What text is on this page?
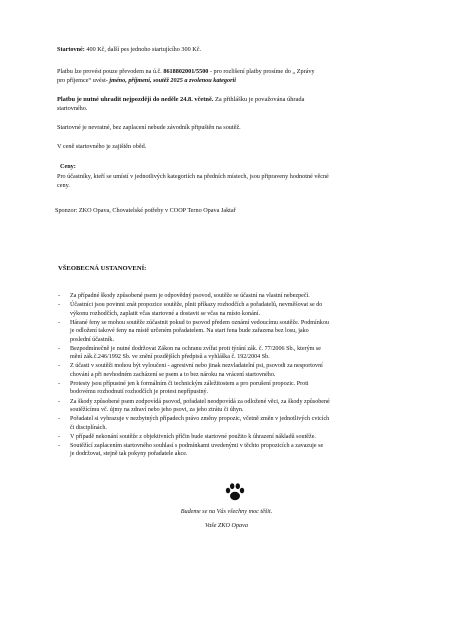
Startovné: 400 Kč, další pes jednoho startujícího 300 Kč.
Platbu lze provést pouze převodem na ú.č. 8618802001/5500 - pro rozlišení platby prosíme do „ Zprávy
pro příjemce“ uvést- jméno, příjmení, soutěž 2025 a zvolenou kategorii
Platbu je nutné uhradit nejpozději do neděle 24.8. včetně. Za přihlášku je považována úhrada
startovného.
Startovné je nevratné, bez zaplacení nebude závodník připuštěn na soutěž.
V ceně startovného je zajištěn oběd.
Ceny:
Pro účastníky, kteří se umístí v jednotlivých kategoriích na předních místech, jsou připraveny hodnotné věcné
ceny.
Sponzor: ZKO Opava, Chovatelské potřeby v COOP Terno Opava Jaktař
VŠEOBECNÁ USTANOVENÍ:
- Za případné škody způsobené psem je odpovědný psovod, soutěže se účastní na vlastní nebezpečí.
- Účastníci jsou povinni znát propozice soutěže, plnit příkazy rozhodčích a pořadatelů, nevměšovat se do
výkonu rozhodčích, zaplatit včas startovné a dostavit se včas na místo konání.
- Hárané feny se mohou soutěže zúčastnit pokud to psovod předem oznámí vedoucímu soutěže. Podmínkou
je odložení takové feny na místě určeném pořadatelem. Na start fena bude zařazena bez losu, jako
poslední účastník.
- Bezpodmínečně je nutné dodržovat Zákon na ochranu zvířat proti týrání zák. č. 77/2006 Sb., kterým se
mění zák.č.246/1992 Sb. ve znění pozdějších předpisů a vyhláška č. 192/2004 Sb.
- Z účasti v soutěži mohou být vyloučeni - agresivní nebo jinak nezvladatelní psi, psovodi za nesportovní
chování a při nevhodném zacházení se psem a to bez nároku na vrácení startovného.
- Protesty jsou přípustné jen k formálním či technickým záležitostem a pro porušení propozic. Proti
bodovému rozhodnutí rozhodčích je protest nepřípustný.
- Za škody způsobené psem zodpovídá psovod, pořadatel neodpovídá za odložené věci, za škody způsobené
soutěžícímu vč. újmy na zdraví nebo jeho psovi, za jeho ztrátu či úhyn.
- Pořadatel si vyhrazuje v nezbytných případech právo změny propozic, včetně změn v jednotlivých cvicích
či disciplínách.
- V případě nekonání soutěže z objektivních příčin bude startovné použito k úhrazení nákladů soutěže.
- Soutěžící zaplacením startovného souhlasí s podmínkami uvedenými v těchto propozicích a zavazuje se
je dodržovat, stejně tak pokyny pořadatele akce.
Budeme se na Vás všechny moc těšit.
Vaše ZKO Opava
